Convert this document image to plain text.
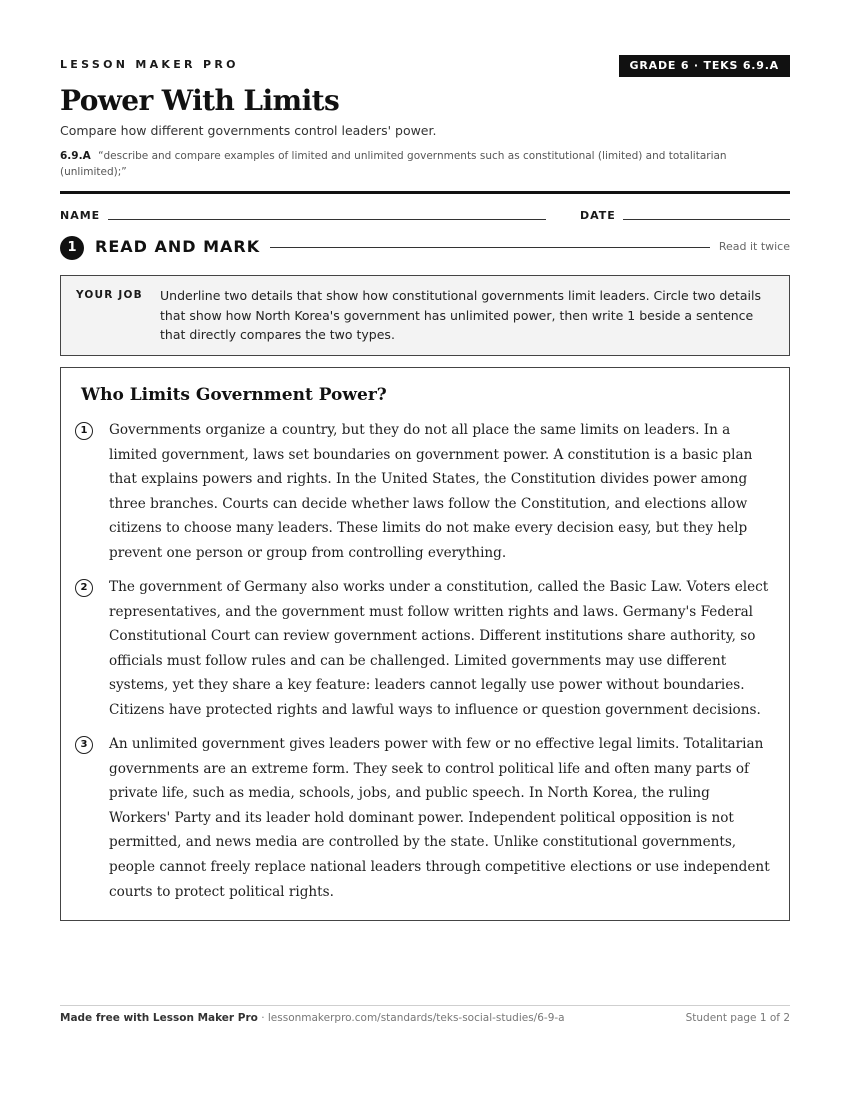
LESSON MAKER PRO	GRADE 6 · TEKS 6.9.A
Power With Limits
Compare how different governments control leaders' power.
6.9.A “describe and compare examples of limited and unlimited governments such as constitutional (limited) and totalitarian (unlimited);”
NAME	DATE
1	READ AND MARK	Read it twice
YOUR JOB Underline two details that show how constitutional governments limit leaders. Circle two details that show how North Korea's government has unlimited power, then write 1 beside a sentence that directly compares the two types.
Who Limits Government Power?
1	Governments organize a country, but they do not all place the same limits on leaders. In a limited government, laws set boundaries on government power. A constitution is a basic plan that explains powers and rights. In the United States, the Constitution divides power among three branches. Courts can decide whether laws follow the Constitution, and elections allow citizens to choose many leaders. These limits do not make every decision easy, but they help prevent one person or group from controlling everything.

2	The government of Germany also works under a constitution, called the Basic Law. Voters elect representatives, and the government must follow written rights and laws. Germany's Federal Constitutional Court can review government actions. Different institutions share authority, so officials must follow rules and can be challenged. Limited governments may use different systems, yet they share a key feature: leaders cannot legally use power without boundaries. Citizens have protected rights and lawful ways to influence or question government decisions.

3	An unlimited government gives leaders power with few or no effective legal limits. Totalitarian governments are an extreme form. They seek to control political life and often many parts of private life, such as media, schools, jobs, and public speech. In North Korea, the ruling Workers' Party and its leader hold dominant power. Independent political opposition is not permitted, and news media are controlled by the state. Unlike constitutional governments, people cannot freely replace national leaders through competitive elections or use independent courts to protect political rights.

Made free with Lesson Maker Pro · lessonmakerpro.com/standards/teks-social-studies/6-9-a	Student page 1 of 2
